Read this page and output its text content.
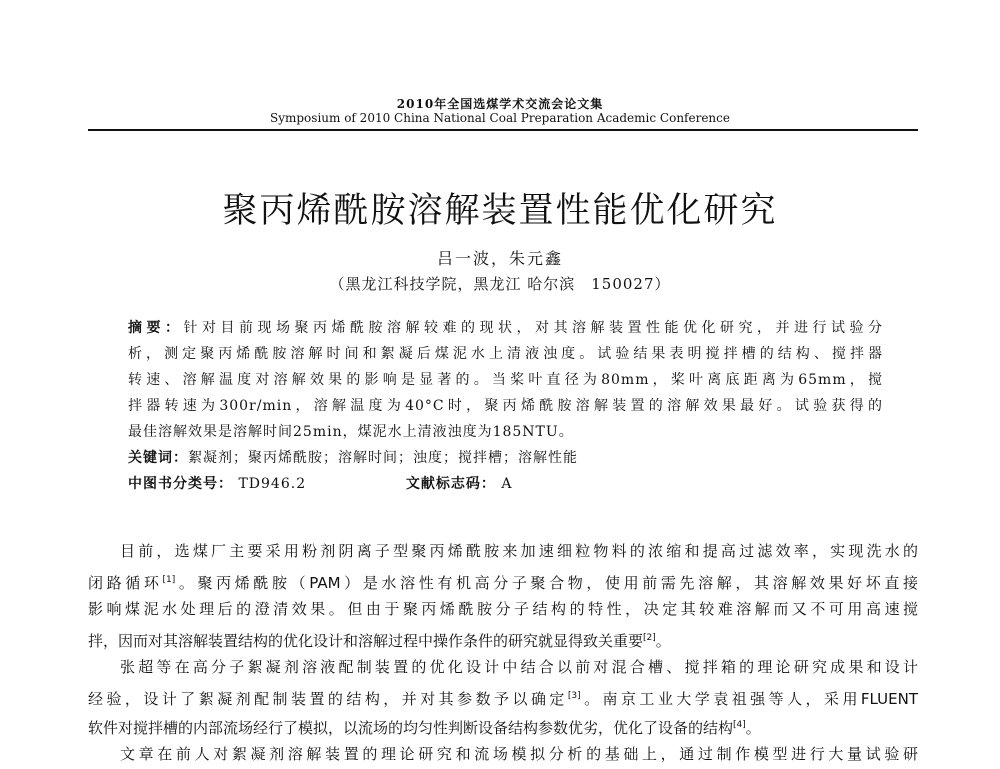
2010年全国选煤学术交流会论文集
Symposium of 2010 China National Coal Preparation Academic Conference
聚丙烯酰胺溶解装置性能优化研究
吕一波，朱元鑫
（黑龙江科技学院，黑龙江 哈尔滨　150027）
摘要：针对目前现场聚丙烯酰胺溶解较难的现状，对其溶解装置性能优化研究，并进行试验分
析，测定聚丙烯酰胺溶解时间和絮凝后煤泥水上清液浊度。试验结果表明搅拌槽的结构、搅拌器
转速、溶解温度对溶解效果的影响是显著的。当桨叶直径为80mm，桨叶离底距离为65mm，搅
拌器转速为300r/min，溶解温度为40°C时，聚丙烯酰胺溶解装置的溶解效果最好。试验获得的
最佳溶解效果是溶解时间25min，煤泥水上清液浊度为185NTU。
关键词：絮凝剂；聚丙烯酰胺；溶解时间；浊度；搅拌槽；溶解性能
中图书分类号： TD946.2	文献标志码： A
目前，选煤厂主要采用粉剂阴离子型聚丙烯酰胺来加速细粒物料的浓缩和提高过滤效率，实现洗水的
闭路循环[1]。聚丙烯酰胺（PAM）是水溶性有机高分子聚合物，使用前需先溶解，其溶解效果好坏直接
影响煤泥水处理后的澄清效果。但由于聚丙烯酰胺分子结构的特性，决定其较难溶解而又不可用高速搅
拌，因而对其溶解装置结构的优化设计和溶解过程中操作条件的研究就显得致关重要[2]。
张超等在高分子絮凝剂溶液配制装置的优化设计中结合以前对混合槽、搅拌箱的理论研究成果和设计
经验，设计了絮凝剂配制装置的结构，并对其参数予以确定[3]。南京工业大学袁祖强等人，采用FLUENT
软件对搅拌槽的内部流场经行了模拟，以流场的均匀性判断设备结构参数优劣，优化了设备的结构[4]。
文章在前人对絮凝剂溶解装置的理论研究和流场模拟分析的基础上，通过制作模型进行大量试验研
